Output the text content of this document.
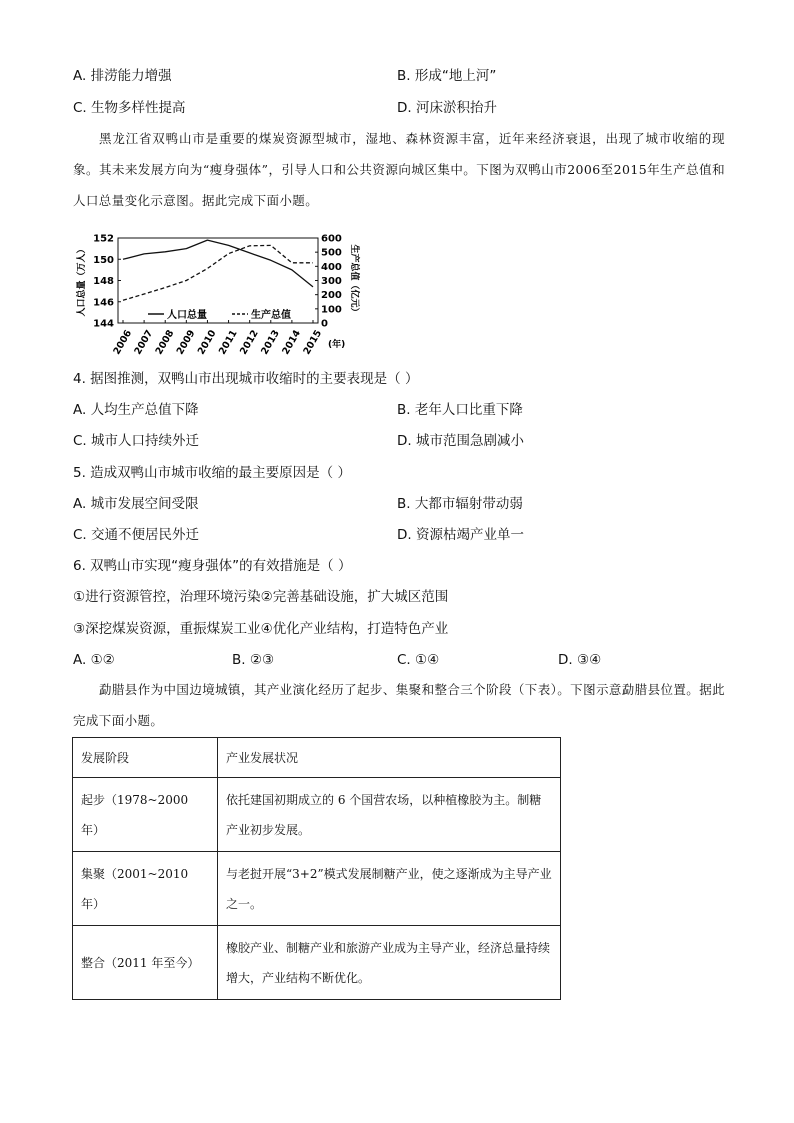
A. 排涝能力增强	B. 形成“地上河”
C. 生物多样性提高	D. 河床淤积抬升
黑龙江省双鸭山市是重要的煤炭资源型城市，湿地、森林资源丰富，近年来经济衰退，出现了城市收缩的现象。其未来发展方向为“瘦身强体”，引导人口和公共资源向城区集中。下图为双鸭山市2006至2015年生产总值和人口总量变化示意图。据此完成下面小题。
144
146
148
150
152
0
100
200
300
400
500
600
2006
2007
2008
2009
2010
2011
2012
2013
2014
2015
人口总量	生产总值
(年)
人口总量（万人）	生产总值（亿元）
4. 据图推测，双鸭山市出现城市收缩时的主要表现是（ ）
A. 人均生产总值下降	B. 老年人口比重下降
C. 城市人口持续外迁	D. 城市范围急剧减小
5. 造成双鸭山市城市收缩的最主要原因是（ ）
A. 城市发展空间受限	B. 大都市辐射带动弱
C. 交通不便居民外迁	D. 资源枯竭产业单一
6. 双鸭山市实现“瘦身强体”的有效措施是（ ）
①进行资源管控，治理环境污染②完善基础设施，扩大城区范围
③深挖煤炭资源，重振煤炭工业④优化产业结构，打造特色产业
A. ①②	B. ②③	C. ①④	D. ③④
勐腊县作为中国边境城镇，其产业演化经历了起步、集聚和整合三个阶段（下表）。下图示意勐腊县位置。据此完成下面小题。
发展阶段	产业发展状况
起步（1978~2000 年）	依托建国初期成立的 6 个国营农场，以种植橡胶为主。制糖产业初步发展。
集聚（2001~2010 年）	与老挝开展“3+2”模式发展制糖产业，使之逐渐成为主导产业之一。
整合（2011 年至今）	橡胶产业、制糖产业和旅游产业成为主导产业，经济总量持续增大，产业结构不断优化。
